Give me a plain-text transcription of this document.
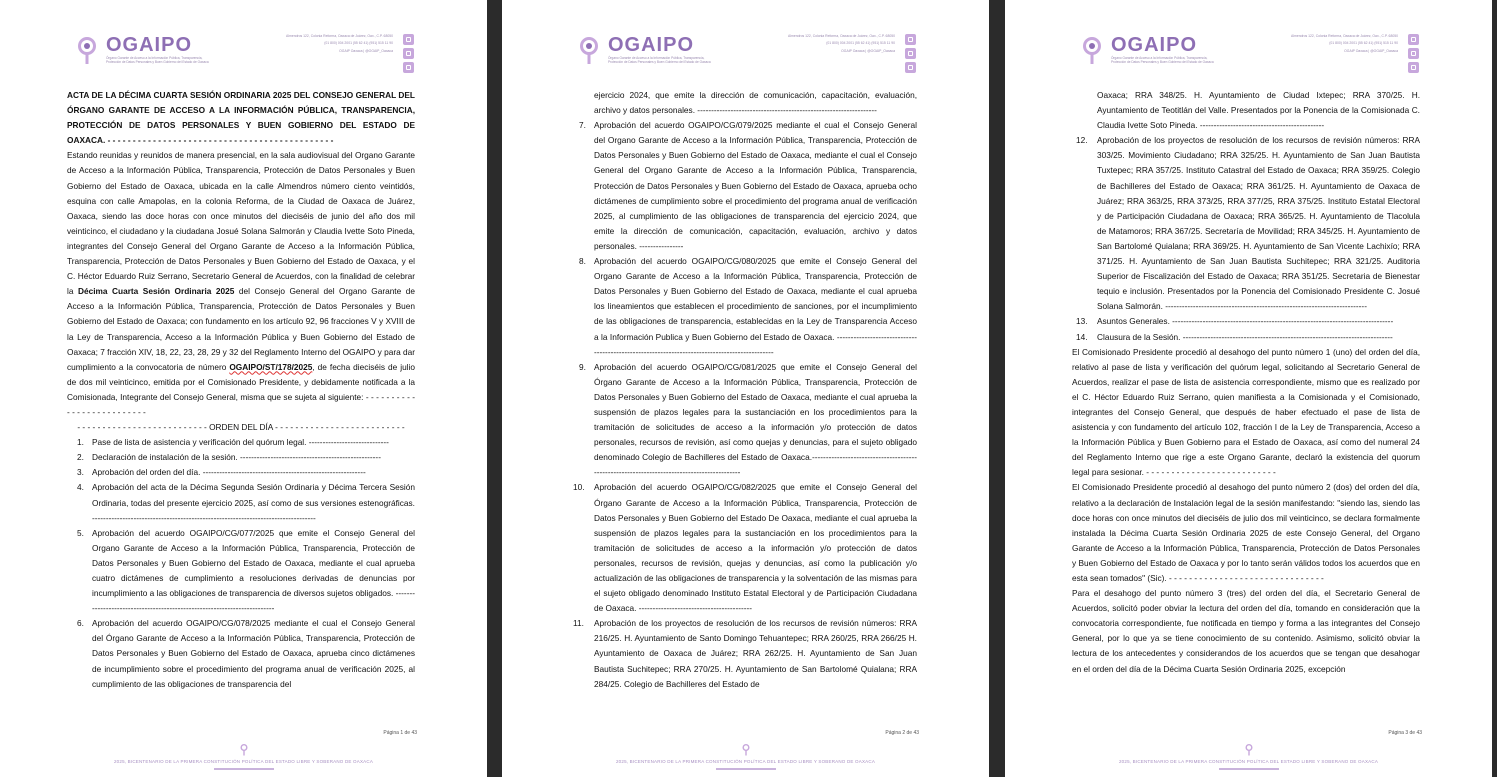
OGAIPO
Órgano Garante de Acceso a la Información Pública, Transparencia, Protección de Datos Personales y Buen Gobierno del Estado de Oaxaca
Almendros 122, Colonia Reforma, Oaxaca de Juárez, Oax., C.P. 68050
(01 800) 004 2001 (55 62 41) (951) 515 11 90
OGAIP Oaxaca | @OGAIP_Oaxaca

ACTA DE LA DÉCIMA CUARTA SESIÓN ORDINARIA 2025 DEL CONSEJO GENERAL DEL ÓRGANO GARANTE DE ACCESO A LA INFORMACIÓN PÚBLICA, TRANSPARENCIA, PROTECCIÓN DE DATOS PERSONALES Y BUEN GOBIERNO DEL ESTADO DE OAXACA. - - - - - - - - - - - - - - - - - - - - - - - - - - - - - - - - - - - - - - - - - - - - -

Estando reunidas y reunidos de manera presencial, en la sala audiovisual del Organo Garante de Acceso a la Información Pública, Transparencia, Protección de Datos Personales y Buen Gobierno del Estado de Oaxaca, ubicada en la calle Almendros número ciento veintidós, esquina con calle Amapolas, en la colonia Reforma, de la Ciudad de Oaxaca de Juárez, Oaxaca, siendo las doce horas con once minutos del dieciséis de junio del año dos mil veinticinco, el ciudadano y la ciudadana Josué Solana Salmorán y Claudia Ivette Soto Pineda, integrantes del Consejo General del Organo Garante de Acceso a la Información Pública, Transparencia, Protección de Datos Personales y Buen Gobierno del Estado de Oaxaca, y el C. Héctor Eduardo Ruiz Serrano, Secretario General de Acuerdos, con la finalidad de celebrar la Décima Cuarta Sesión Ordinaria 2025 del Consejo General del Organo Garante de Acceso a la Información Pública, Transparencia, Protección de Datos Personales y Buen Gobierno del Estado de Oaxaca; con fundamento en los artículo 92, 96 fracciones V y XVIII de la Ley de Transparencia, Acceso a la Información Pública y Buen Gobierno del Estado de Oaxaca; 7 fracción XIV, 18, 22, 23, 28, 29 y 32 del Reglamento Interno del OGAIPO y para dar cumplimiento a la convocatoria de número OGAIPO/ST/178/2025, de fecha dieciséis de julio de dos mil veinticinco, emitida por el Comisionado Presidente, y debidamente notificada a la Comisionada, Integrante del Consejo General, misma que se sujeta al siguiente: - - - - - - - - - - - - - - - - - - - - - - - - - -

- - - - - - - - - - - - - - - - - - - - - - - - - - ORDEN DEL DÍA - - - - - - - - - - - - - - - - - - - - - - - - - -

1. Pase de lista de asistencia y verificación del quórum legal. -----------------------------
2. Declaración de instalación de la sesión. ---------------------------------------------------
3. Aprobación del orden del día. -----------------------------------------------------------
4. Aprobación del acta de la Décima Segunda Sesión Ordinaria y Décima Tercera Sesión Ordinaria, todas del presente ejercicio 2025, así como de sus versiones estenográficas. ---------------------------------------------------------------------------------
5. Aprobación del acuerdo OGAIPO/CG/077/2025 que emite el Consejo General del Organo Garante de Acceso a la Información Pública, Transparencia, Protección de Datos Personales y Buen Gobierno del Estado de Oaxaca, mediante el cual aprueba cuatro dictámenes de cumplimiento a resoluciones derivadas de denuncias por incumplimiento a las obligaciones de transparencia de diversos sujetos obligados. -------------------------------------------------------------------------
6. Aprobación del acuerdo OGAIPO/CG/078/2025 mediante el cual el Consejo General del Órgano Garante de Acceso a la Información Pública, Transparencia, Protección de Datos Personales y Buen Gobierno del Estado de Oaxaca, aprueba cinco dictámenes de incumplimiento sobre el procedimiento del programa anual de verificación 2025, al cumplimiento de las obligaciones de transparencia del
Página 1 de 43
2025, BICENTENARIO DE LA PRIMERA CONSTITUCIÓN POLÍTICA DEL ESTADO LIBRE Y SOBERANO DE OAXACA
OGAIPO
Órgano Garante de Acceso a la Información Pública, Transparencia, Protección de Datos Personales y Buen Gobierno del Estado de Oaxaca
Almendros 122, Colonia Reforma, Oaxaca de Juárez, Oax., C.P. 68050
(01 800) 004 2001 (55 62 41) (951) 515 11 90
OGAIP Oaxaca | @OGAIP_Oaxaca

ejercicio 2024, que emite la dirección de comunicación, capacitación, evaluación, archivo y datos personales. -----------------------------------------------------------------

7. Aprobación del acuerdo OGAIPO/CG/079/2025 mediante el cual el Consejo General del Organo Garante de Acceso a la Información Pública, Transparencia, Protección de Datos Personales y Buen Gobierno del Estado de Oaxaca, mediante el cual el Consejo General del Organo Garante de Acceso a la Información Pública, Transparencia, Protección de Datos Personales y Buen Gobierno del Estado de Oaxaca, aprueba ocho dictámenes de cumplimiento sobre el procedimiento del programa anual de verificación 2025, al cumplimiento de las obligaciones de transparencia del ejercicio 2024, que emite la dirección de comunicación, capacitación, evaluación, archivo y datos personales. ----------------
8. Aprobación del acuerdo OGAIPO/CG/080/2025 que emite el Consejo General del Organo Garante de Acceso a la Información Pública, Transparencia, Protección de Datos Personales y Buen Gobierno del Estado de Oaxaca, mediante el cual aprueba los lineamientos que establecen el procedimiento de sanciones, por el incumplimiento de las obligaciones de transparencia, establecidas en la Ley de Transparencia Acceso a la Información Publica y Buen Gobierno del Estado de Oaxaca. ----------------------------------------------------------------------------------------------
9. Aprobación del acuerdo OGAIPO/CG/081/2025 que emite el Consejo General del Órgano Garante de Acceso a la Información Pública, Transparencia, Protección de Datos Personales y Buen Gobierno del Estado de Oaxaca, mediante el cual aprueba la suspensión de plazos legales para la sustanciación en los procedimientos para la tramitación de solicitudes de acceso a la información y/o protección de datos personales, recursos de revisión, así como quejas y denuncias, para el sujeto obligado denominado Colegio de Bachilleres del Estado de Oaxaca.-------------------------------------------------------------------------------------------
10. Aprobación del acuerdo OGAIPO/CG/082/2025 que emite el Consejo General del Órgano Garante de Acceso a la Información Pública, Transparencia, Protección de Datos Personales y Buen Gobierno del Estado De Oaxaca, mediante el cual aprueba la suspensión de plazos legales para la sustanciación en los procedimientos para la tramitación de solicitudes de acceso a la información y/o protección de datos personales, recursos de revisión, quejas y denuncias, así como la publicación y/o actualización de las obligaciones de transparencia y la solventación de las mismas para el sujeto obligado denominado Instituto Estatal Electoral y de Participación Ciudadana de Oaxaca. -----------------------------------------
11. Aprobación de los proyectos de resolución de los recursos de revisión números: RRA 216/25. H. Ayuntamiento de Santo Domingo Tehuantepec; RRA 260/25, RRA 266/25 H. Ayuntamiento de Oaxaca de Juárez; RRA 262/25. H. Ayuntamiento de San Juan Bautista Suchitepec; RRA 270/25. H. Ayuntamiento de San Bartolomé Quialana; RRA 284/25. Colegio de Bachilleres del Estado de
Página 2 de 43
2025, BICENTENARIO DE LA PRIMERA CONSTITUCIÓN POLÍTICA DEL ESTADO LIBRE Y SOBERANO DE OAXACA
OGAIPO
Órgano Garante de Acceso a la Información Pública, Transparencia, Protección de Datos Personales y Buen Gobierno del Estado de Oaxaca
Almendros 122, Colonia Reforma, Oaxaca de Juárez, Oax., C.P. 68050
(01 800) 004 2001 (55 62 41) (951) 515 11 90
OGAIP Oaxaca | @OGAIP_Oaxaca

Oaxaca; RRA 348/25. H. Ayuntamiento de Ciudad Ixtepec; RRA 370/25. H. Ayuntamiento de Teotitlán del Valle. Presentados por la Ponencia de la Comisionada C. Claudia Ivette Soto Pineda. ---------------------------------------------

12. Aprobación de los proyectos de resolución de los recursos de revisión números: RRA 303/25. Movimiento Ciudadano; RRA 325/25. H. Ayuntamiento de San Juan Bautista Tuxtepec; RRA 357/25. Instituto Catastral del Estado de Oaxaca; RRA 359/25. Colegio de Bachilleres del Estado de Oaxaca; RRA 361/25. H. Ayuntamiento de Oaxaca de Juárez; RRA 363/25, RRA 373/25, RRA 377/25, RRA 375/25. Instituto Estatal Electoral y de Participación Ciudadana de Oaxaca; RRA 365/25. H. Ayuntamiento de Tlacolula de Matamoros; RRA 367/25. Secretaría de Movilidad; RRA 345/25. H. Ayuntamiento de San Bartolomé Quialana; RRA 369/25. H. Ayuntamiento de San Vicente Lachixío; RRA 371/25. H. Ayuntamiento de San Juan Bautista Suchitepec; RRA 321/25. Auditoria Superior de Fiscalización del Estado de Oaxaca; RRA 351/25. Secretaria de Bienestar tequio e inclusión. Presentados por la Ponencia del Comisionado Presidente C. Josué Solana Salmorán. -------------------------------------------------------------------------
13. Asuntos Generales. --------------------------------------------------------------------------------
14. Clausura de la Sesión. ----------------------------------------------------------------------------

El Comisionado Presidente procedió al desahogo del punto número 1 (uno) del orden del día, relativo al pase de lista y verificación del quórum legal, solicitando al Secretario General de Acuerdos, realizar el pase de lista de asistencia correspondiente, mismo que es realizado por el C. Héctor Eduardo Ruiz Serrano, quien manifiesta a la Comisionada y el Comisionado, integrantes del Consejo General, que después de haber efectuado el pase de lista de asistencia y con fundamento del artículo 102, fracción I de la Ley de Transparencia, Acceso a la Información Pública y Buen Gobierno para el Estado de Oaxaca, así como del numeral 24 del Reglamento Interno que rige a este Organo Garante, declaró la existencia del quorum legal para sesionar. - - - - - - - - - - - - - - - - - - - - - - - - - -

El Comisionado Presidente procedió al desahogo del punto número 2 (dos) del orden del día, relativo a la declaración de Instalación legal de la sesión manifestando: "siendo las, siendo las doce horas con once minutos del dieciséis de julio dos mil veinticinco, se declara formalmente instalada la Décima Cuarta Sesión Ordinaria 2025 de este Consejo General, del Organo Garante de Acceso a la Información Pública, Transparencia, Protección de Datos Personales y Buen Gobierno del Estado de Oaxaca y por lo tanto serán válidos todos los acuerdos que en esta sean tomados" (Sic). - - - - - - - - - - - - - - - - - - - - - - - - - - - - - - -

Para el desahogo del punto número 3 (tres) del orden del día, el Secretario General de Acuerdos, solicitó poder obviar la lectura del orden del día, tomando en consideración que la convocatoria correspondiente, fue notificada en tiempo y forma a las integrantes del Consejo General, por lo que ya se tiene conocimiento de su contenido. Asimismo, solicitó obviar la lectura de los antecedentes y considerandos de los acuerdos que se tengan que desahogar en el orden del día de la Décima Cuarta Sesión Ordinaria 2025, excepción

Página 3 de 43
2025, BICENTENARIO DE LA PRIMERA CONSTITUCIÓN POLÍTICA DEL ESTADO LIBRE Y SOBERANO DE OAXACA
